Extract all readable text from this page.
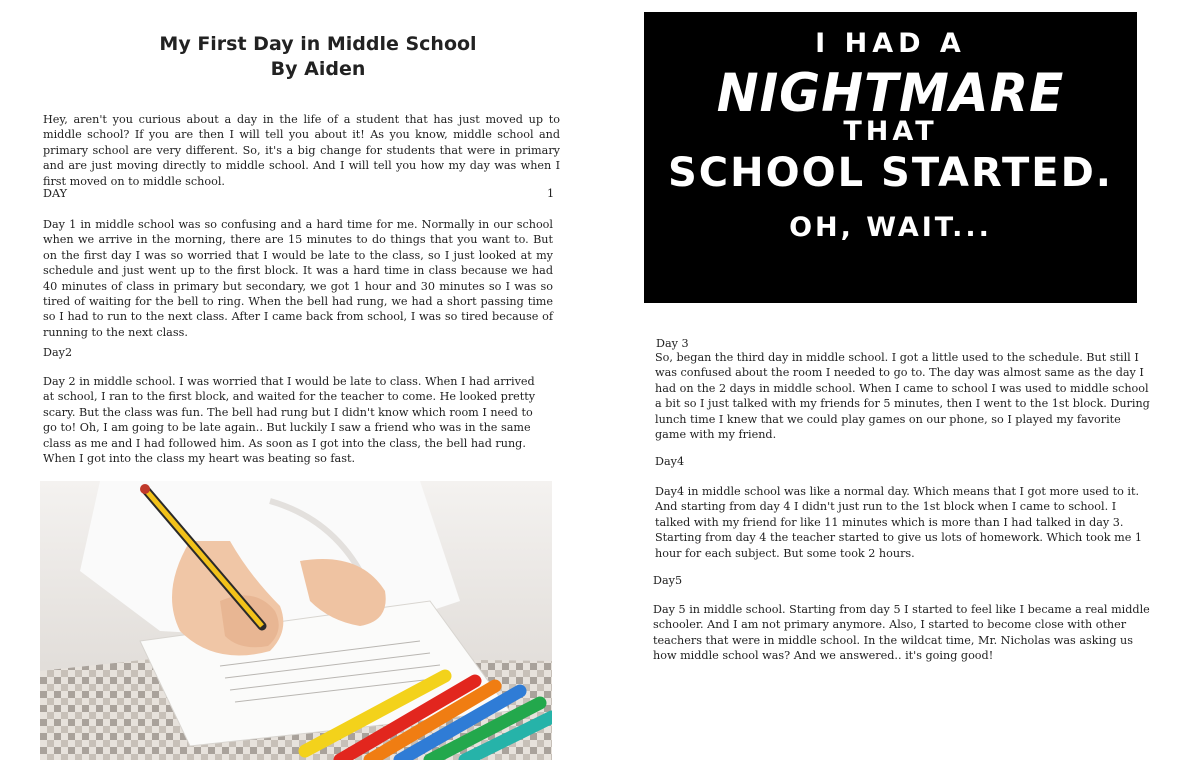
My First Day in Middle School
By Aiden
Hey, aren't you curious about a day in the life of a student that has just moved up to middle school? If you are then I will tell you about it! As you know, middle school and primary school are very different. So, it's a big change for students that were in primary and are just moving directly to middle school. And I will tell you how my day was when I first moved on to middle school.
DAY	1
Day 1 in middle school was so confusing and a hard time for me. Normally in our school when we arrive in the morning, there are 15 minutes to do things that you want to. But on the first day I was so worried that I would be late to the class, so I just looked at my schedule and just went up to the first block. It was a hard time in class because we had 40 minutes of class in primary but secondary, we got 1 hour and 30 minutes so I was so tired of waiting for the bell to ring. When the bell had rung, we had a short passing time so I had to run to the next class. After I came back from school, I was so tired because of running to the next class.
Day2
Day 2 in middle school. I was worried that I would be late to class. When I had arrived at school, I ran to the first block, and waited for the teacher to come. He looked pretty scary. But the class was fun. The bell had rung but I didn't know which room I need to go to! Oh, I am going to be late again.. But luckily I saw a friend who was in the same class as me and I had followed him. As soon as I got into the class, the bell had rung. When I got into the class my heart was beating so fast.
I HAD A
NIGHTMARE
THAT
SCHOOL STARTED.
OH, WAIT...
Day 3
So, began the third day in middle school. I got a little used to the schedule. But still I was confused about the room I needed to go to. The day was almost same as the day I had on the 2 days in middle school. When I came to school I was used to middle school a bit so I just talked with my friends for 5 minutes, then I went to the 1st block. During lunch time I knew that we could play games on our phone, so I played my favorite game with my friend.
Day4
Day4 in middle school was like a normal day. Which means that I got more used to it. And starting from day 4 I didn't just run to the 1st block when I came to school. I talked with my friend for like 11 minutes which is more than I had talked in day 3. Starting from day 4 the teacher started to give us lots of homework. Which took me 1 hour for each subject. But some took 2 hours.
Day5
Day 5 in middle school. Starting from day 5 I started to feel like I became a real middle schooler. And I am not primary anymore. Also, I started to become close with other teachers that were in middle school. In the wildcat time, Mr. Nicholas was asking us how middle school was? And we answered.. it's going good!
